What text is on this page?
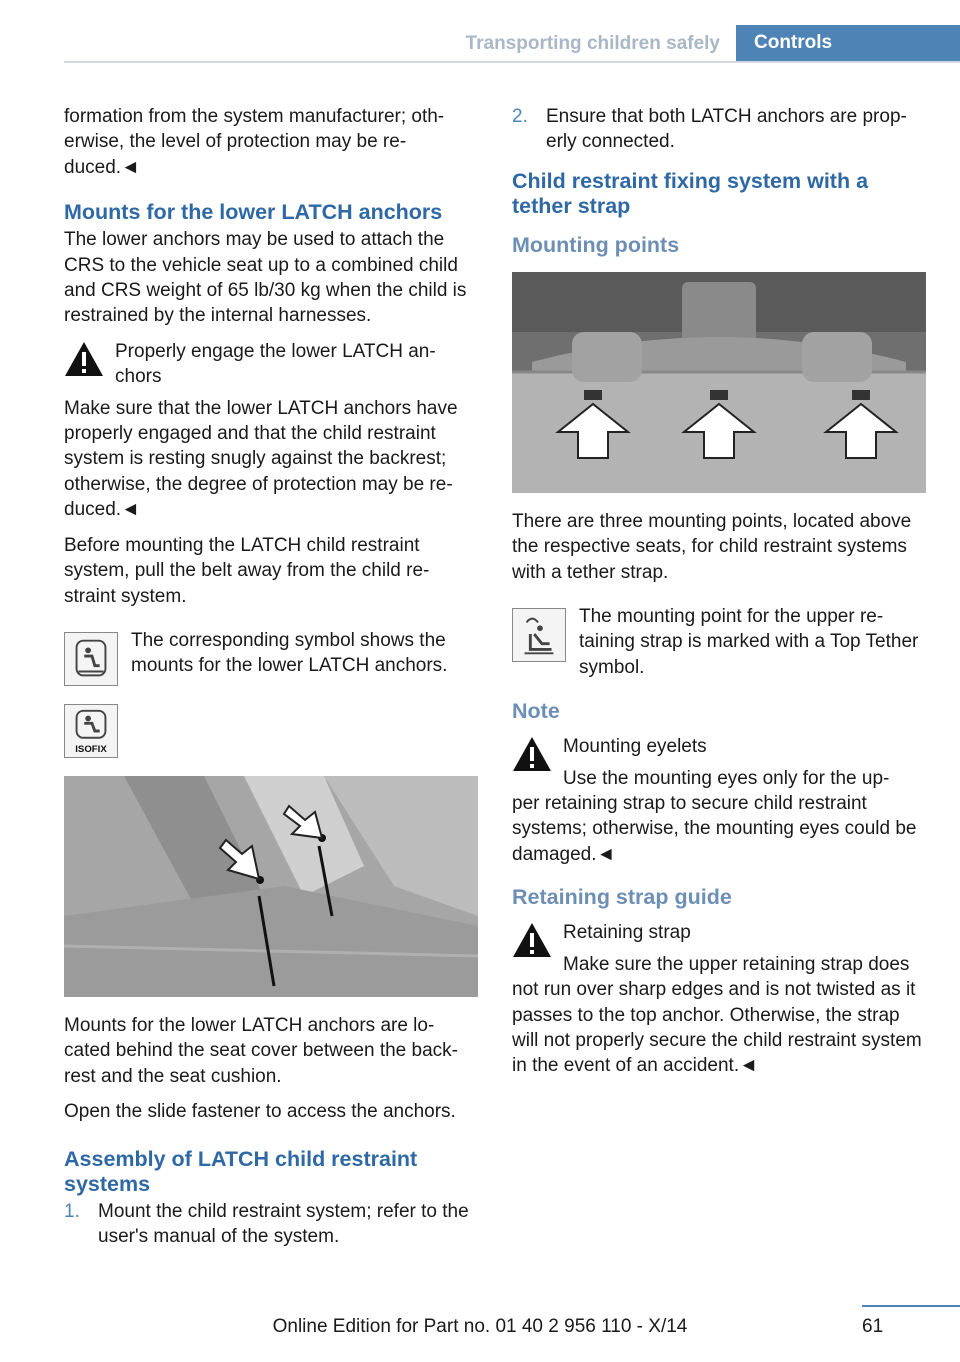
Transporting children safely	Controls

formation from the system manufacturer; oth-erwise, the level of protection may be re-duced.◄

Mounts for the lower LATCH anchors

The lower anchors may be used to attach the CRS to the vehicle seat up to a combined child and CRS weight of 65 lb/30 kg when the child is restrained by the internal harnesses.

Properly engage the lower LATCH an-chors

Make sure that the lower LATCH anchors have properly engaged and that the child restraint system is resting snugly against the backrest; otherwise, the degree of protection may be re-duced.◄

Before mounting the LATCH child restraint system, pull the belt away from the child re-straint system.

The corresponding symbol shows the mounts for the lower LATCH anchors.

ISOFIX

Mounts for the lower LATCH anchors are lo-cated behind the seat cover between the back-rest and the seat cushion.

Open the slide fastener to access the anchors.

Assembly of LATCH child restraint systems
1. Mount the child restraint system; refer to the user's manual of the system.
2. Ensure that both LATCH anchors are prop-erly connected.
Child restraint fixing system with a tether strap
Mounting points

There are three mounting points, located above the respective seats, for child restraint systems with a tether strap.

The mounting point for the upper re-taining strap is marked with a Top Tether symbol.

Note

Mounting eyelets

Use the mounting eyes only for the up-

per retaining strap to secure child restraint systems; otherwise, the mounting eyes could be damaged.◄

Retaining strap guide

Retaining strap

Make sure the upper retaining strap does

not run over sharp edges and is not twisted as it passes to the top anchor. Otherwise, the strap will not properly secure the child restraint system in the event of an accident.◄

Online Edition for Part no. 01 40 2 956 110 - X/14	61
